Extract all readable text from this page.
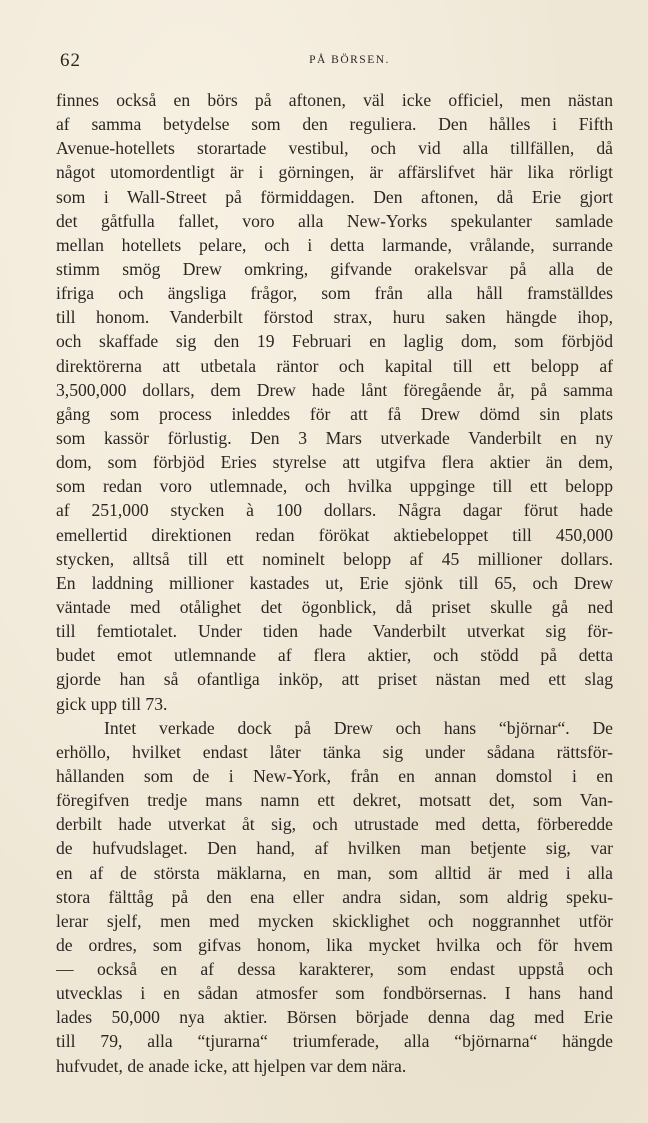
62	PÅ BÖRSEN.
finnes också en börs på aftonen, väl icke officiel, men nästan
af samma betydelse som den reguliera. Den hålles i Fifth
Avenue-hotellets storartade vestibul, och vid alla tillfällen, då
något utomordentligt är i görningen, är affärslifvet här lika rörligt
som i Wall-Street på förmiddagen. Den aftonen, då Erie gjort
det gåtfulla fallet, voro alla New-Yorks spekulanter samlade
mellan hotellets pelare, och i detta larmande, vrålande, surrande
stimm smög Drew omkring, gifvande orakelsvar på alla de
ifriga och ängsliga frågor, som från alla håll framställdes
till honom. Vanderbilt förstod strax, huru saken hängde ihop,
och skaffade sig den 19 Februari en laglig dom, som förbjöd
direktörerna att utbetala räntor och kapital till ett belopp af
3,500,000 dollars, dem Drew hade lånt föregående år, på samma
gång som process inleddes för att få Drew dömd sin plats
som kassör förlustig. Den 3 Mars utverkade Vanderbilt en ny
dom, som förbjöd Eries styrelse att utgifva flera aktier än dem,
som redan voro utlemnade, och hvilka uppginge till ett belopp
af 251,000 stycken à 100 dollars. Några dagar förut hade
emellertid direktionen redan förökat aktiebeloppet till 450,000
stycken, alltså till ett nominelt belopp af 45 millioner dollars.
En laddning millioner kastades ut, Erie sjönk till 65, och Drew
väntade med otålighet det ögonblick, då priset skulle gå ned
till femtiotalet. Under tiden hade Vanderbilt utverkat sig för-
budet emot utlemnande af flera aktier, och stödd på detta
gjorde han så ofantliga inköp, att priset nästan med ett slag
gick upp till 73.
Intet verkade dock på Drew och hans “björnar“. De
erhöllo, hvilket endast låter tänka sig under sådana rättsför-
hållanden som de i New-York, från en annan domstol i en
föregifven tredje mans namn ett dekret, motsatt det, som Van-
derbilt hade utverkat åt sig, och utrustade med detta, förberedde
de hufvudslaget. Den hand, af hvilken man betjente sig, var
en af de största mäklarna, en man, som alltid är med i alla
stora fälttåg på den ena eller andra sidan, som aldrig speku-
lerar sjelf, men med mycken skicklighet och noggrannhet utför
de ordres, som gifvas honom, lika mycket hvilka och för hvem
— också en af dessa karakterer, som endast uppstå och
utvecklas i en sådan atmosfer som fondbörsernas. I hans hand
lades 50,000 nya aktier. Börsen började denna dag med Erie
till 79, alla “tjurarna“ triumferade, alla “björnarna“ hängde
hufvudet, de anade icke, att hjelpen var dem nära.
